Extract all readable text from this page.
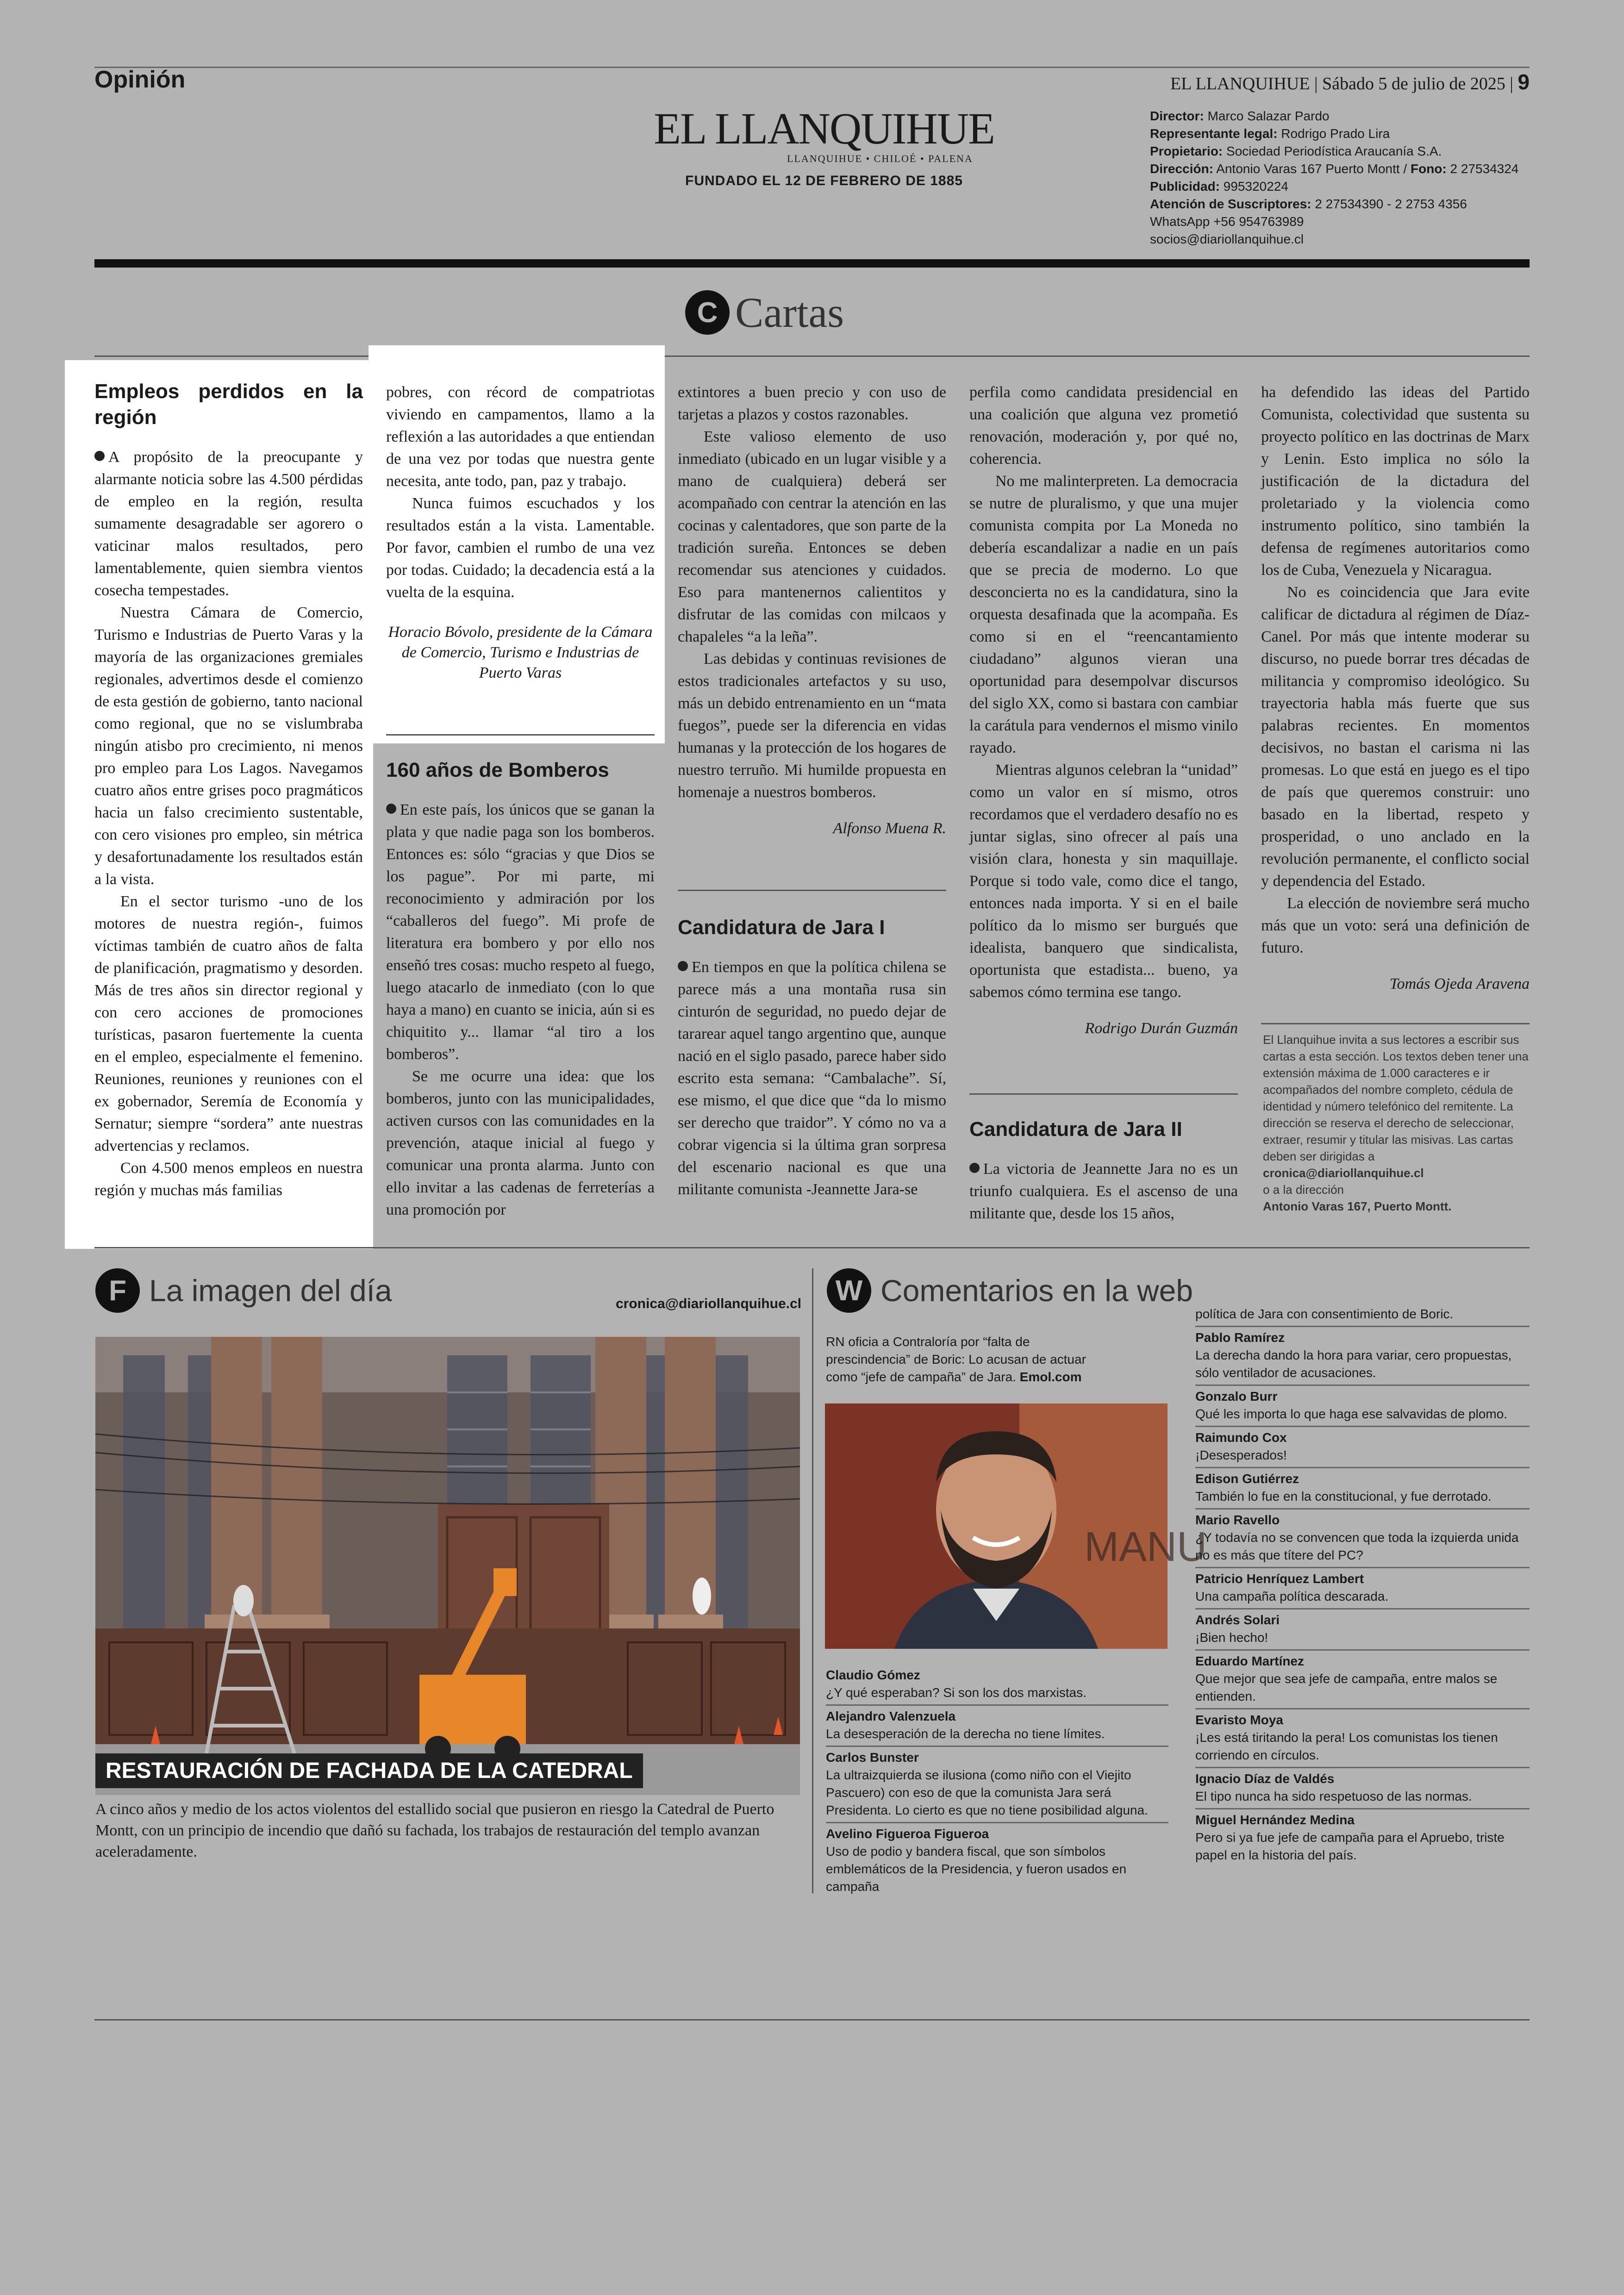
Opinión	EL LLANQUIHUE | Sábado 5 de julio de 2025 | 9
EL LLANQUIHUE
LLANQUIHUE • CHILOÉ • PALENA
FUNDADO EL 12 DE FEBRERO DE 1885
Director: Marco Salazar Pardo
Representante legal: Rodrigo Prado Lira
Propietario: Sociedad Periodística Araucanía S.A.
Dirección: Antonio Varas 167 Puerto Montt / Fono: 2 27534324
Publicidad: 995320224
Atención de Suscriptores: 2 27534390 - 2 2753 4356
WhatsApp +56 954763989
socios@diariollanquihue.cl
C Cartas
Empleos perdidos en la región

A propósito de la preocupante y alarmante noticia sobre las 4.500 pérdidas de empleo en la región, resulta sumamente desagradable ser agorero o vaticinar malos resultados, pero lamentablemente, quien siembra vientos cosecha tempestades.

Nuestra Cámara de Comercio, Turismo e Industrias de Puerto Varas y la mayoría de las organizaciones gremiales regionales, advertimos desde el comienzo de esta gestión de gobierno, tanto nacional como regional, que no se vislumbraba ningún atisbo pro crecimiento, ni menos pro empleo para Los Lagos. Navegamos cuatro años entre grises poco pragmáticos hacia un falso crecimiento sustentable, con cero visiones pro empleo, sin métrica y desafortunadamente los resultados están a la vista.

En el sector turismo -uno de los motores de nuestra región-, fuimos víctimas también de cuatro años de falta de planificación, pragmatismo y desorden. Más de tres años sin director regional y con cero acciones de promociones turísticas, pasaron fuertemente la cuenta en el empleo, especialmente el femenino. Reuniones, reuniones y reuniones con el ex gobernador, Seremía de Economía y Sernatur; siempre “sordera” ante nuestras advertencias y reclamos.

Con 4.500 menos empleos en nuestra región y muchas más familias

pobres, con récord de compatriotas viviendo en campamentos, llamo a la reflexión a las autoridades a que entiendan de una vez por todas que nuestra gente necesita, ante todo, pan, paz y trabajo.

Nunca fuimos escuchados y los resultados están a la vista. Lamentable. Por favor, cambien el rumbo de una vez por todas. Cuidado; la decadencia está a la vuelta de la esquina.

Horacio Bóvolo, presidente de la Cámara de Comercio, Turismo e Industrias de Puerto Varas

160 años de Bomberos

En este país, los únicos que se ganan la plata y que nadie paga son los bomberos. Entonces es: sólo “gracias y que Dios se los pague”. Por mi parte, mi reconocimiento y admiración por los “caballeros del fuego”. Mi profe de literatura era bombero y por ello nos enseñó tres cosas: mucho respeto al fuego, luego atacarlo de inmediato (con lo que haya a mano) en cuanto se inicia, aún si es chiquitito y... llamar “al tiro a los bomberos”.

Se me ocurre una idea: que los bomberos, junto con las municipalidades, activen cursos con las comunidades en la prevención, ataque inicial al fuego y comunicar una pronta alarma. Junto con ello invitar a las cadenas de ferreterías a una promoción por

extintores a buen precio y con uso de tarjetas a plazos y costos razonables.

Este valioso elemento de uso inmediato (ubicado en un lugar visible y a mano de cualquiera) deberá ser acompañado con centrar la atención en las cocinas y calentadores, que son parte de la tradición sureña. Entonces se deben recomendar sus atenciones y cuidados. Eso para mantenernos calientitos y disfrutar de las comidas con milcaos y chapaleles “a la leña”.

Las debidas y continuas revisiones de estos tradicionales artefactos y su uso, más un debido entrenamiento en un “mata fuegos”, puede ser la diferencia en vidas humanas y la protección de los hogares de nuestro terruño. Mi humilde propuesta en homenaje a nuestros bomberos.

Alfonso Muena R.

Candidatura de Jara I

En tiempos en que la política chilena se parece más a una montaña rusa sin cinturón de seguridad, no puedo dejar de tararear aquel tango argentino que, aunque nació en el siglo pasado, parece haber sido escrito esta semana: “Cambalache”. Sí, ese mismo, el que dice que “da lo mismo ser derecho que traidor”. Y cómo no va a cobrar vigencia si la última gran sorpresa del escenario nacional es que una militante comunista -Jeannette Jara-se

perfila como candidata presidencial en una coalición que alguna vez prometió renovación, moderación y, por qué no, coherencia.

No me malinterpreten. La democracia se nutre de pluralismo, y que una mujer comunista compita por La Moneda no debería escandalizar a nadie en un país que se precia de moderno. Lo que desconcierta no es la candidatura, sino la orquesta desafinada que la acompaña. Es como si en el “reencantamiento ciudadano” algunos vieran una oportunidad para desempolvar discursos del siglo XX, como si bastara con cambiar la carátula para vendernos el mismo vinilo rayado.

Mientras algunos celebran la “unidad” como un valor en sí mismo, otros recordamos que el verdadero desafío no es juntar siglas, sino ofrecer al país una visión clara, honesta y sin maquillaje. Porque si todo vale, como dice el tango, entonces nada importa. Y si en el baile político da lo mismo ser burgués que idealista, banquero que sindicalista, oportunista que estadista... bueno, ya sabemos cómo termina ese tango.

Rodrigo Durán Guzmán

Candidatura de Jara II

La victoria de Jeannette Jara no es un triunfo cualquiera. Es el ascenso de una militante que, desde los 15 años,

ha defendido las ideas del Partido Comunista, colectividad que sustenta su proyecto político en las doctrinas de Marx y Lenin. Esto implica no sólo la justificación de la dictadura del proletariado y la violencia como instrumento político, sino también la defensa de regímenes autoritarios como los de Cuba, Venezuela y Nicaragua.

No es coincidencia que Jara evite calificar de dictadura al régimen de Díaz-Canel. Por más que intente moderar su discurso, no puede borrar tres décadas de militancia y compromiso ideológico. Su trayectoria habla más fuerte que sus palabras recientes. En momentos decisivos, no bastan el carisma ni las promesas. Lo que está en juego es el tipo de país que queremos construir: uno basado en la libertad, respeto y prosperidad, o uno anclado en la revolución permanente, el conflicto social y dependencia del Estado.

La elección de noviembre será mucho más que un voto: será una definición de futuro.

Tomás Ojeda Aravena

El Llanquihue invita a sus lectores a escribir sus cartas a esta sección. Los textos deben tener una extensión máxima de 1.000 caracteres e ir acompañados del nombre completo, cédula de identidad y número telefónico del remitente. La dirección se reserva el derecho de seleccionar, extraer, resumir y titular las misivas. Las cartas deben ser dirigidas a
cronica@diariollanquihue.cl
o a la dirección
Antonio Varas 167, Puerto Montt.
F La imagen del día	cronica@diariollanquihue.cl
RESTAURACIÓN DE FACHADA DE LA CATEDRAL
A cinco años y medio de los actos violentos del estallido social que pusieron en riesgo la Catedral de Puerto Montt, con un principio de incendio que dañó su fachada, los trabajos de restauración del templo avanzan aceleradamente.
W Comentarios en la web
RN oficia a Contraloría por “falta de prescindencia” de Boric: Lo acusan de actuar como “jefe de campaña” de Jara. Emol.com
MANU
Claudio Gómez
¿Y qué esperaban? Si son los dos marxistas.
Alejandro Valenzuela
La desesperación de la derecha no tiene límites.
Carlos Bunster
La ultraizquierda se ilusiona (como niño con el Viejito Pascuero) con eso de que la comunista Jara será Presidenta. Lo cierto es que no tiene posibilidad alguna.
Avelino Figueroa Figueroa
Uso de podio y bandera fiscal, que son símbolos emblemáticos de la Presidencia, y fueron usados en campaña
política de Jara con consentimiento de Boric.
Pablo Ramírez
La derecha dando la hora para variar, cero propuestas, sólo ventilador de acusaciones.
Gonzalo Burr
Qué les importa lo que haga ese salvavidas de plomo.
Raimundo Cox
¡Desesperados!
Edison Gutiérrez
También lo fue en la constitucional, y fue derrotado.
Mario Ravello
¿Y todavía no se convencen que toda la izquierda unida no es más que títere del PC?
Patricio Henríquez Lambert
Una campaña política descarada.
Andrés Solari
¡Bien hecho!
Eduardo Martínez
Que mejor que sea jefe de campaña, entre malos se entienden.
Evaristo Moya
¡Les está tiritando la pera! Los comunistas los tienen corriendo en círculos.
Ignacio Díaz de Valdés
El tipo nunca ha sido respetuoso de las normas.
Miguel Hernández Medina
Pero si ya fue jefe de campaña para el Apruebo, triste papel en la historia del país.
